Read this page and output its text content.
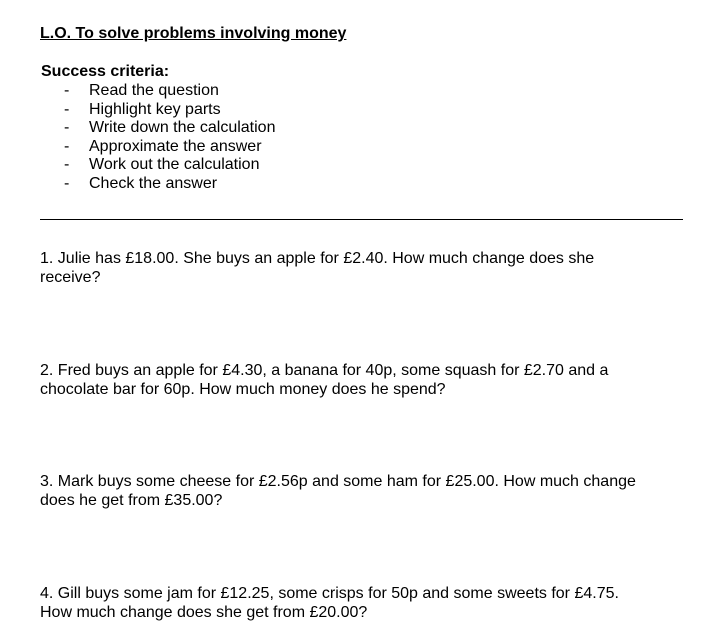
L.O. To solve problems involving money
Success criteria:
- Read the question
- Highlight key parts
- Write down the calculation
- Approximate the answer
- Work out the calculation
- Check the answer
1. Julie has £18.00. She buys an apple for £2.40. How much change does she receive?
2. Fred buys an apple for £4.30, a banana for 40p, some squash for £2.70 and a chocolate bar for 60p. How much money does he spend?
3. Mark buys some cheese for £2.56p and some ham for £25.00. How much change does he get from £35.00?
4. Gill buys some jam for £12.25, some crisps for 50p and some sweets for £4.75. How much change does she get from £20.00?
